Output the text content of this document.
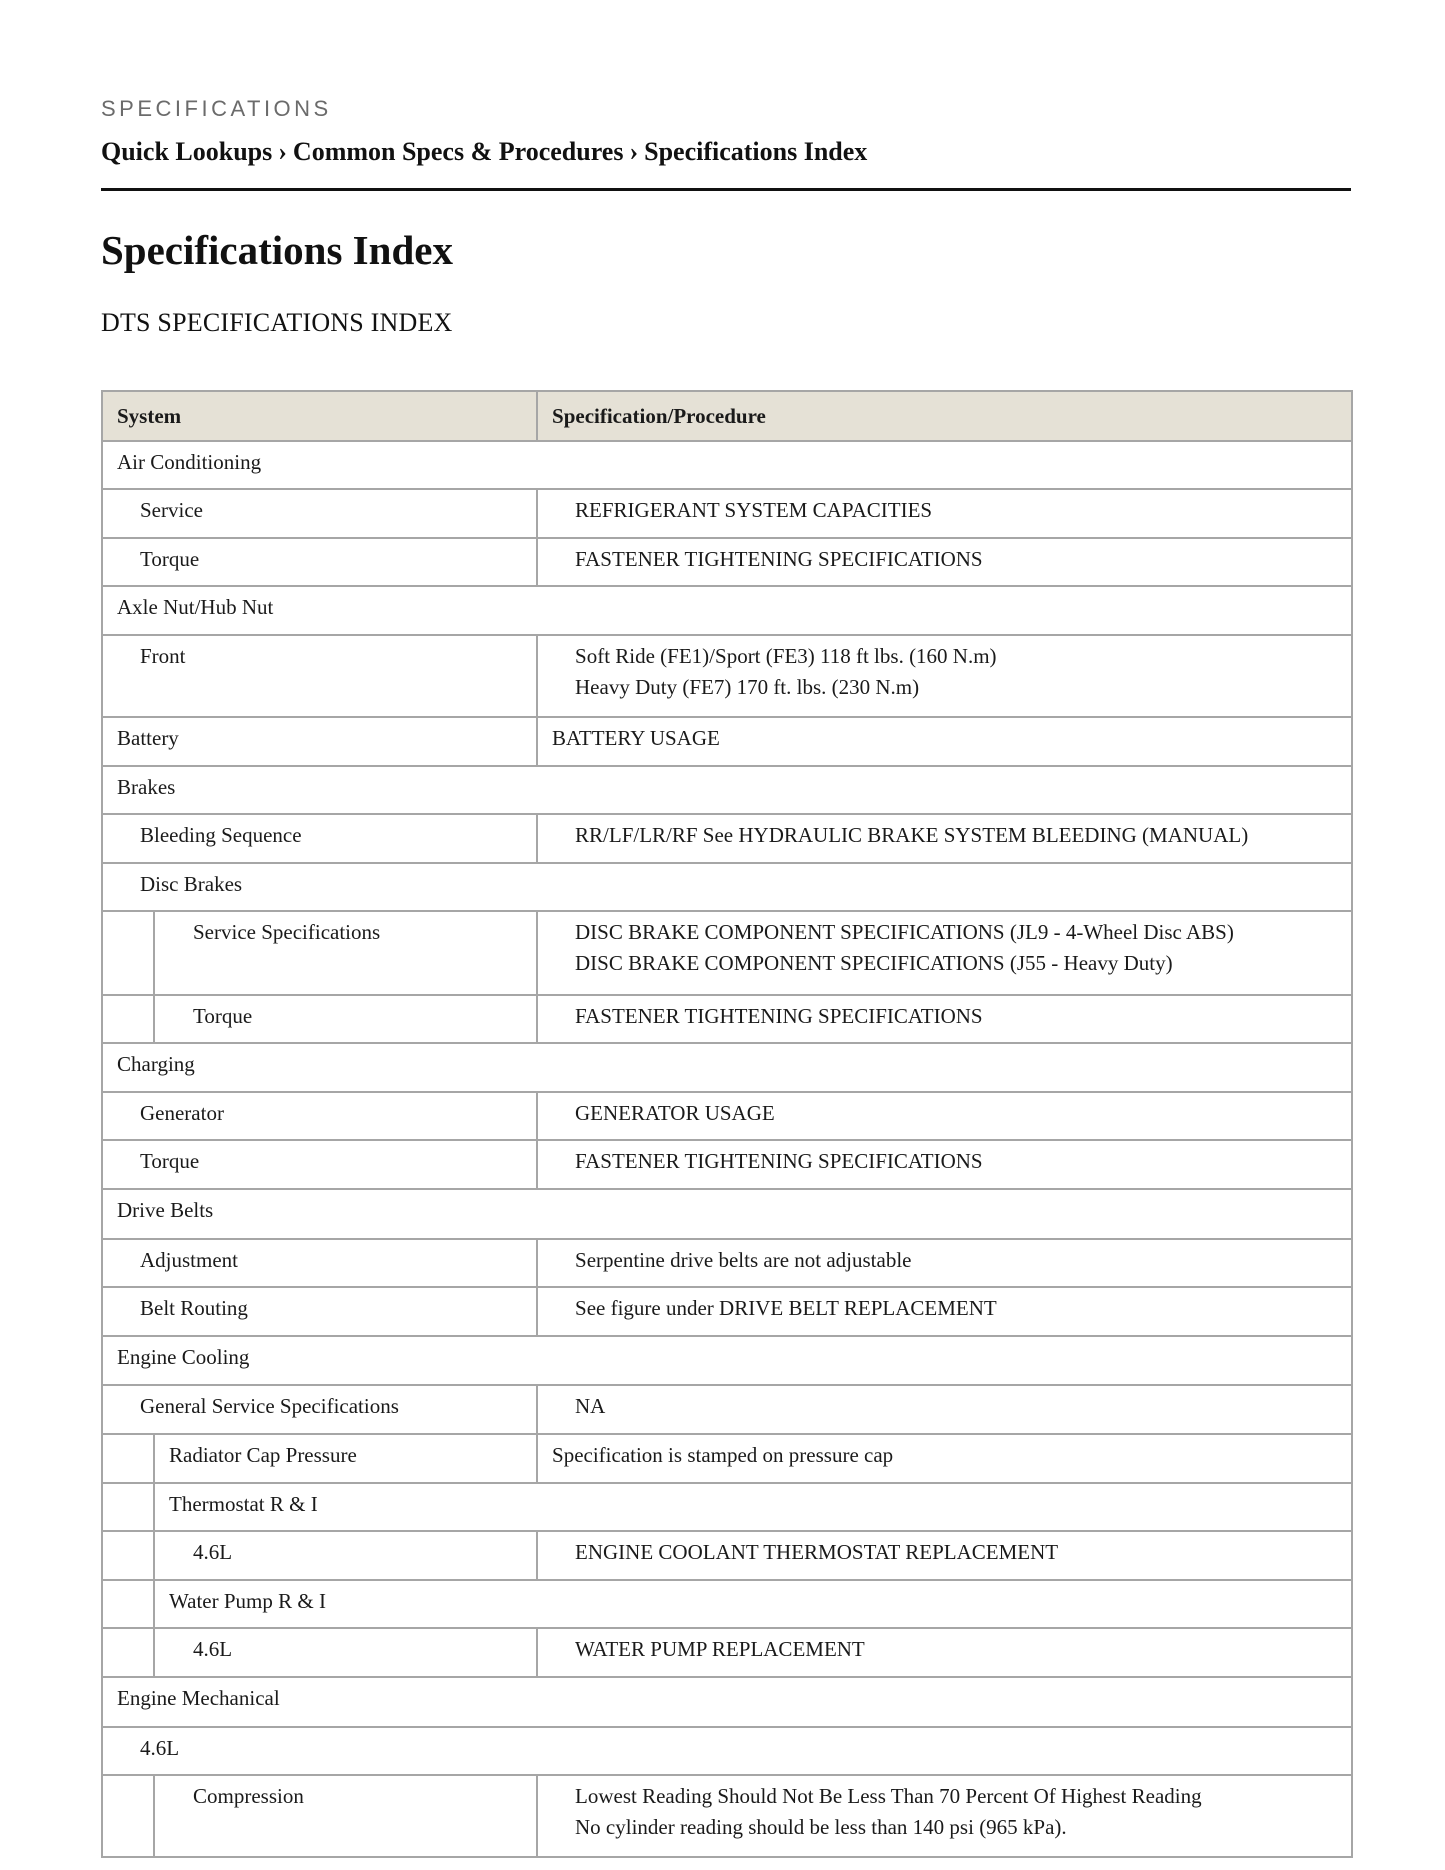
SPECIFICATIONS
Quick Lookups › Common Specs & Procedures › Specifications Index
Specifications Index
DTS SPECIFICATIONS INDEX
System		Specification/Procedure
Air Conditioning		
Service		REFRIGERANT SYSTEM CAPACITIES

Torque		FASTENER TIGHTENING SPECIFICATIONS

Axle Nut/Hub Nut		
Front		Soft Ride (FE1)/Sport (FE3) 118 ft lbs. (160 N.m)
Heavy Duty (FE7) 170 ft. lbs. (230 N.m)

Battery		BATTERY USAGE

Brakes		
Bleeding Sequence		RR/LF/LR/RF See HYDRAULIC BRAKE SYSTEM BLEEDING (MANUAL)

Disc Brakes		
	Service Specifications	DISC BRAKE COMPONENT SPECIFICATIONS (JL9 - 4-Wheel Disc ABS)
DISC BRAKE COMPONENT SPECIFICATIONS (J55 - Heavy Duty)

	Torque	FASTENER TIGHTENING SPECIFICATIONS

Charging		
Generator		GENERATOR USAGE

Torque		FASTENER TIGHTENING SPECIFICATIONS

Drive Belts		
Adjustment		Serpentine drive belts are not adjustable

Belt Routing		See figure under DRIVE BELT REPLACEMENT

Engine Cooling		
General Service Specifications		NA

	Radiator Cap Pressure	Specification is stamped on pressure cap

	Thermostat R & I	
	4.6L	ENGINE COOLANT THERMOSTAT REPLACEMENT

	Water Pump R & I	
	4.6L	WATER PUMP REPLACEMENT

Engine Mechanical		
4.6L		
	Compression	Lowest Reading Should Not Be Less Than 70 Percent Of Highest Reading
No cylinder reading should be less than 140 psi (965 kPa).
